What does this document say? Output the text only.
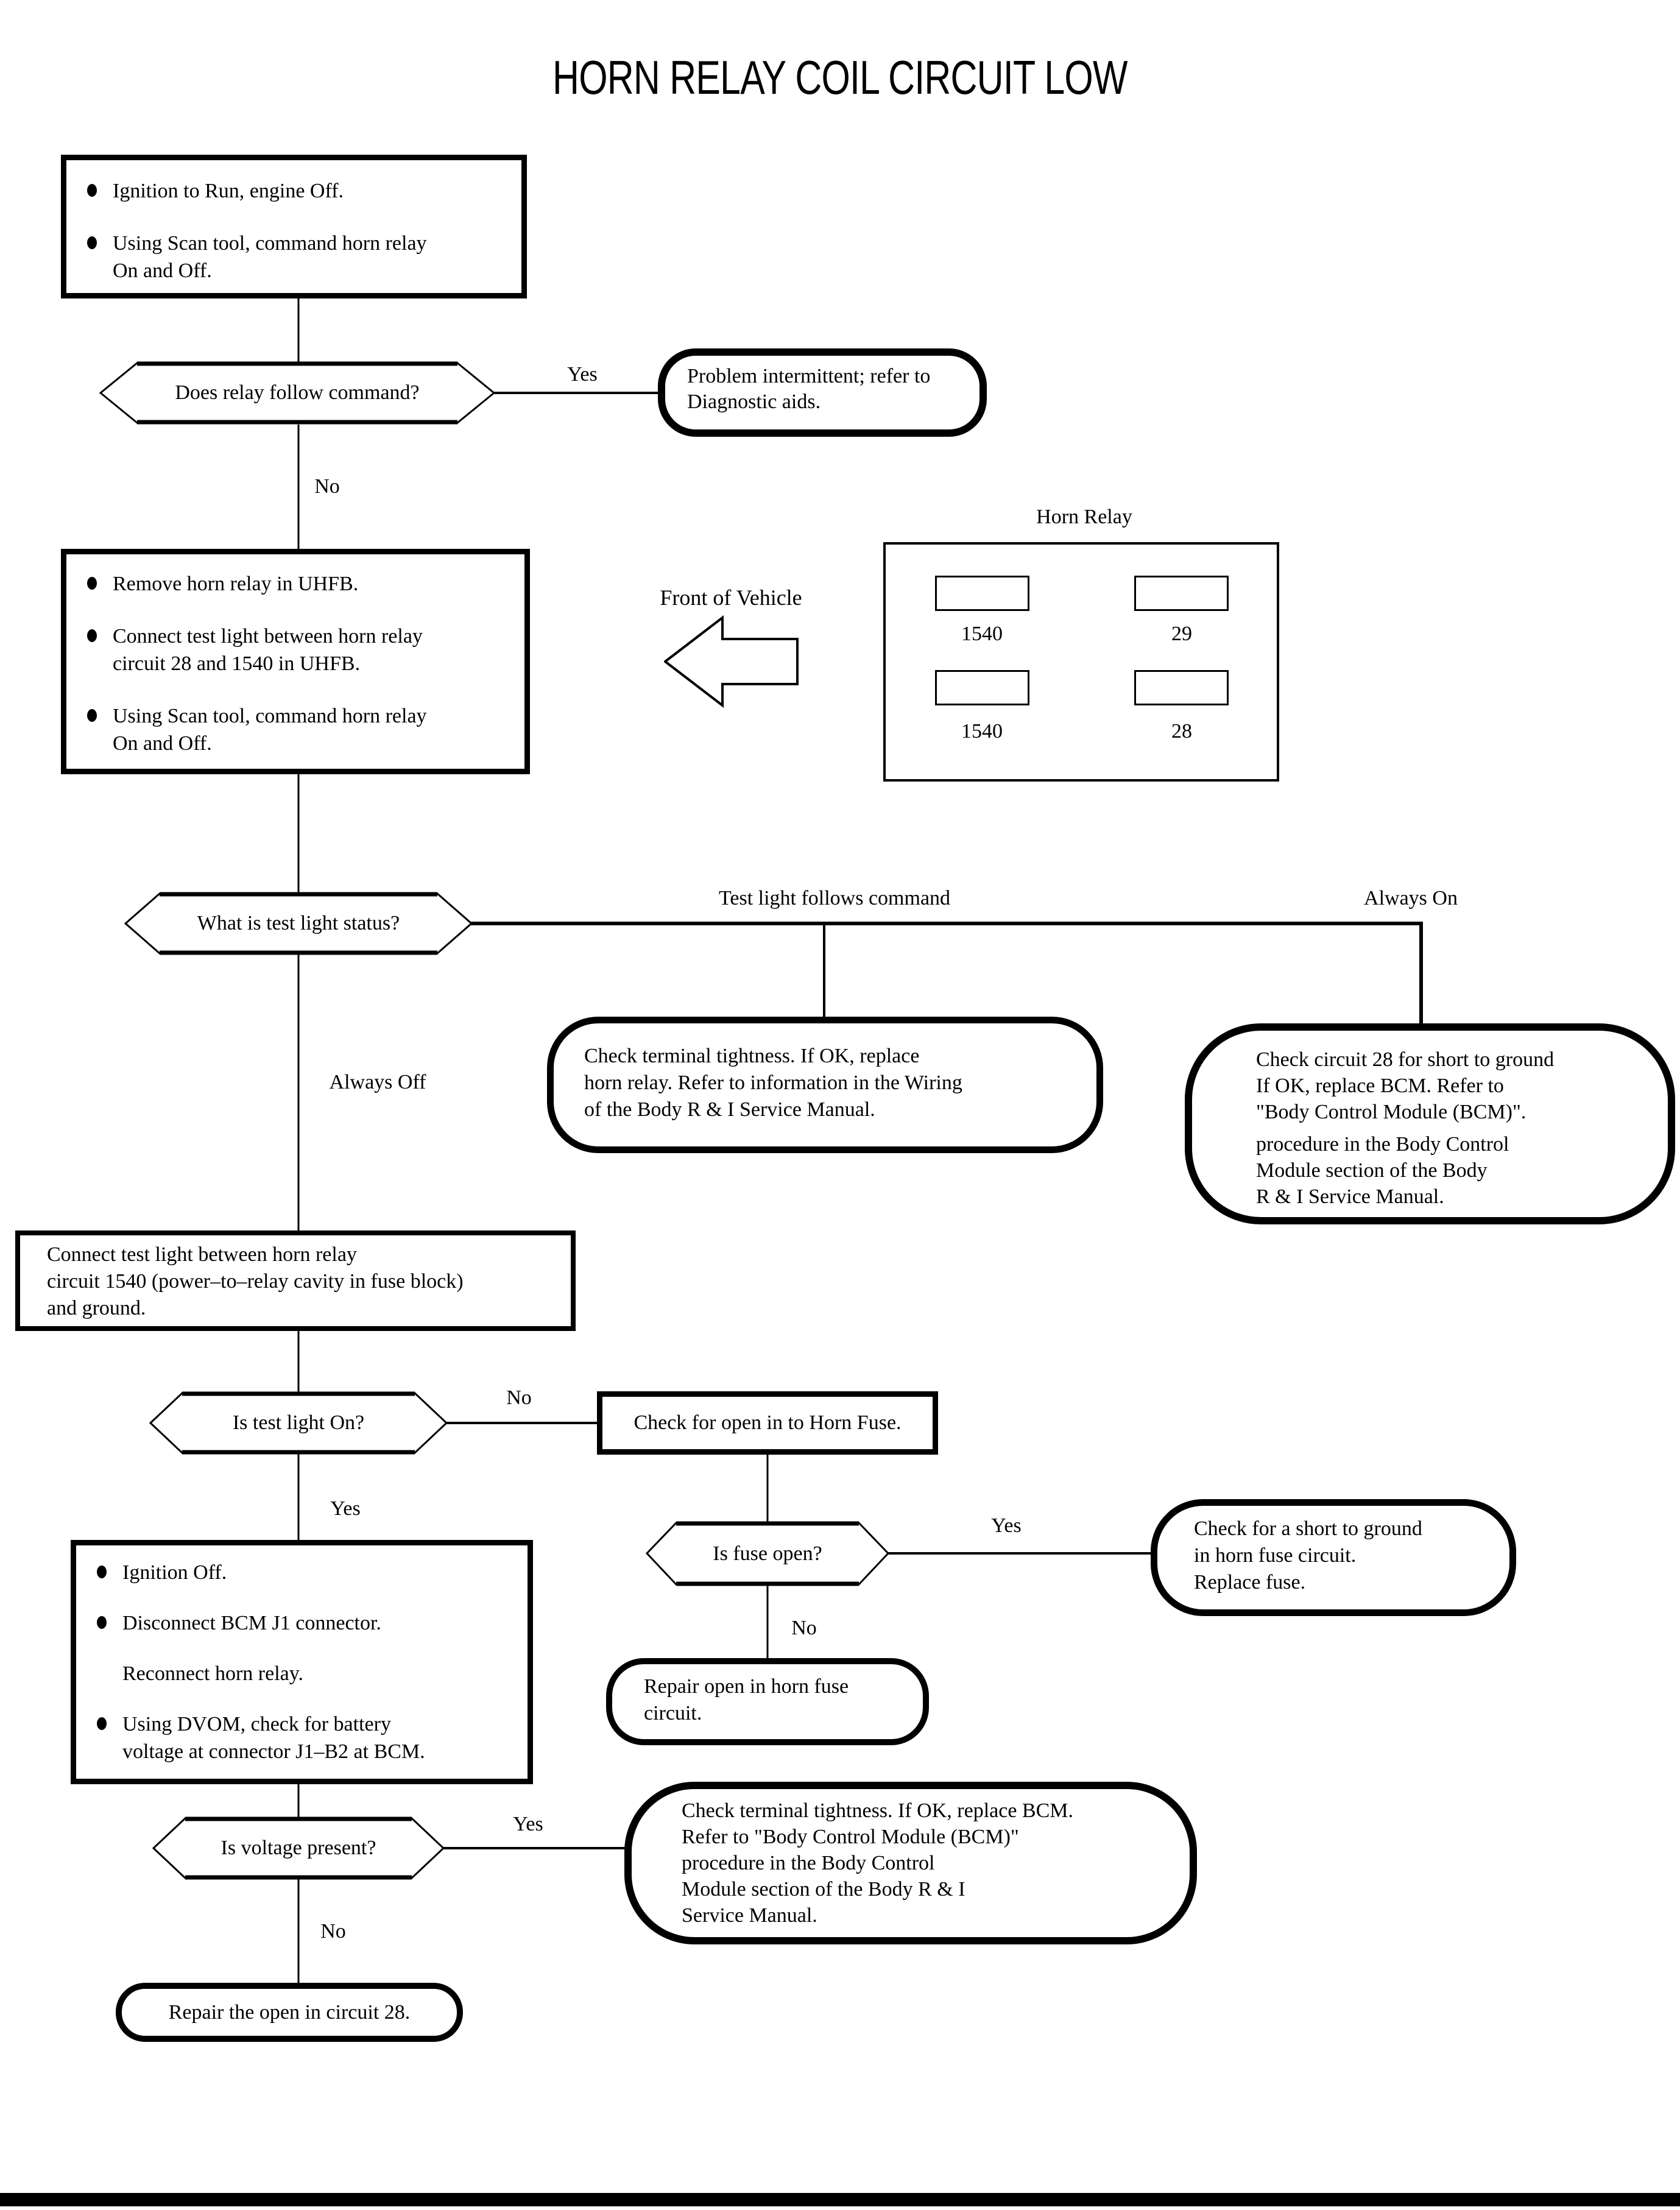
HORN RELAY COIL CIRCUIT LOW
Ignition to Run, engine Off.
Using Scan tool, command horn relay
On and Off.
Does relay follow command?
Yes
No
Problem intermittent; refer to
Diagnostic aids.
Remove horn relay in UHFB.
Connect test light between horn relay
circuit 28 and 1540 in UHFB.
Using Scan tool, command horn relay
On and Off.
Front of Vehicle
Horn Relay
1540	29
1540	28
What is test light status?
Test light follows command	Always On
Always Off
Check terminal tightness. If OK, replace
horn relay. Refer to information in the Wiring
of the Body R & I Service Manual.
Check circuit 28 for short to ground
If OK, replace BCM. Refer to
"Body Control Module (BCM)".
procedure in the Body Control
Module section of the Body
R & I Service Manual.
Connect test light between horn relay
circuit 1540 (power–to–relay cavity in fuse block)
and ground.
Is test light On?
No
Yes
Check for open in to Horn Fuse.
Is fuse open?
Yes
No
Check for a short to ground
in horn fuse circuit.
Replace fuse.
Repair open in horn fuse
circuit.
Ignition Off.
Disconnect BCM J1 connector.
Reconnect horn relay.
Using DVOM, check for battery
voltage at connector J1–B2 at BCM.
Is voltage present?
Yes
No
Check terminal tightness. If OK, replace BCM.
Refer to "Body Control Module (BCM)"
procedure in the Body Control
Module section of the Body R & I
Service Manual.
Repair the open in circuit 28.
